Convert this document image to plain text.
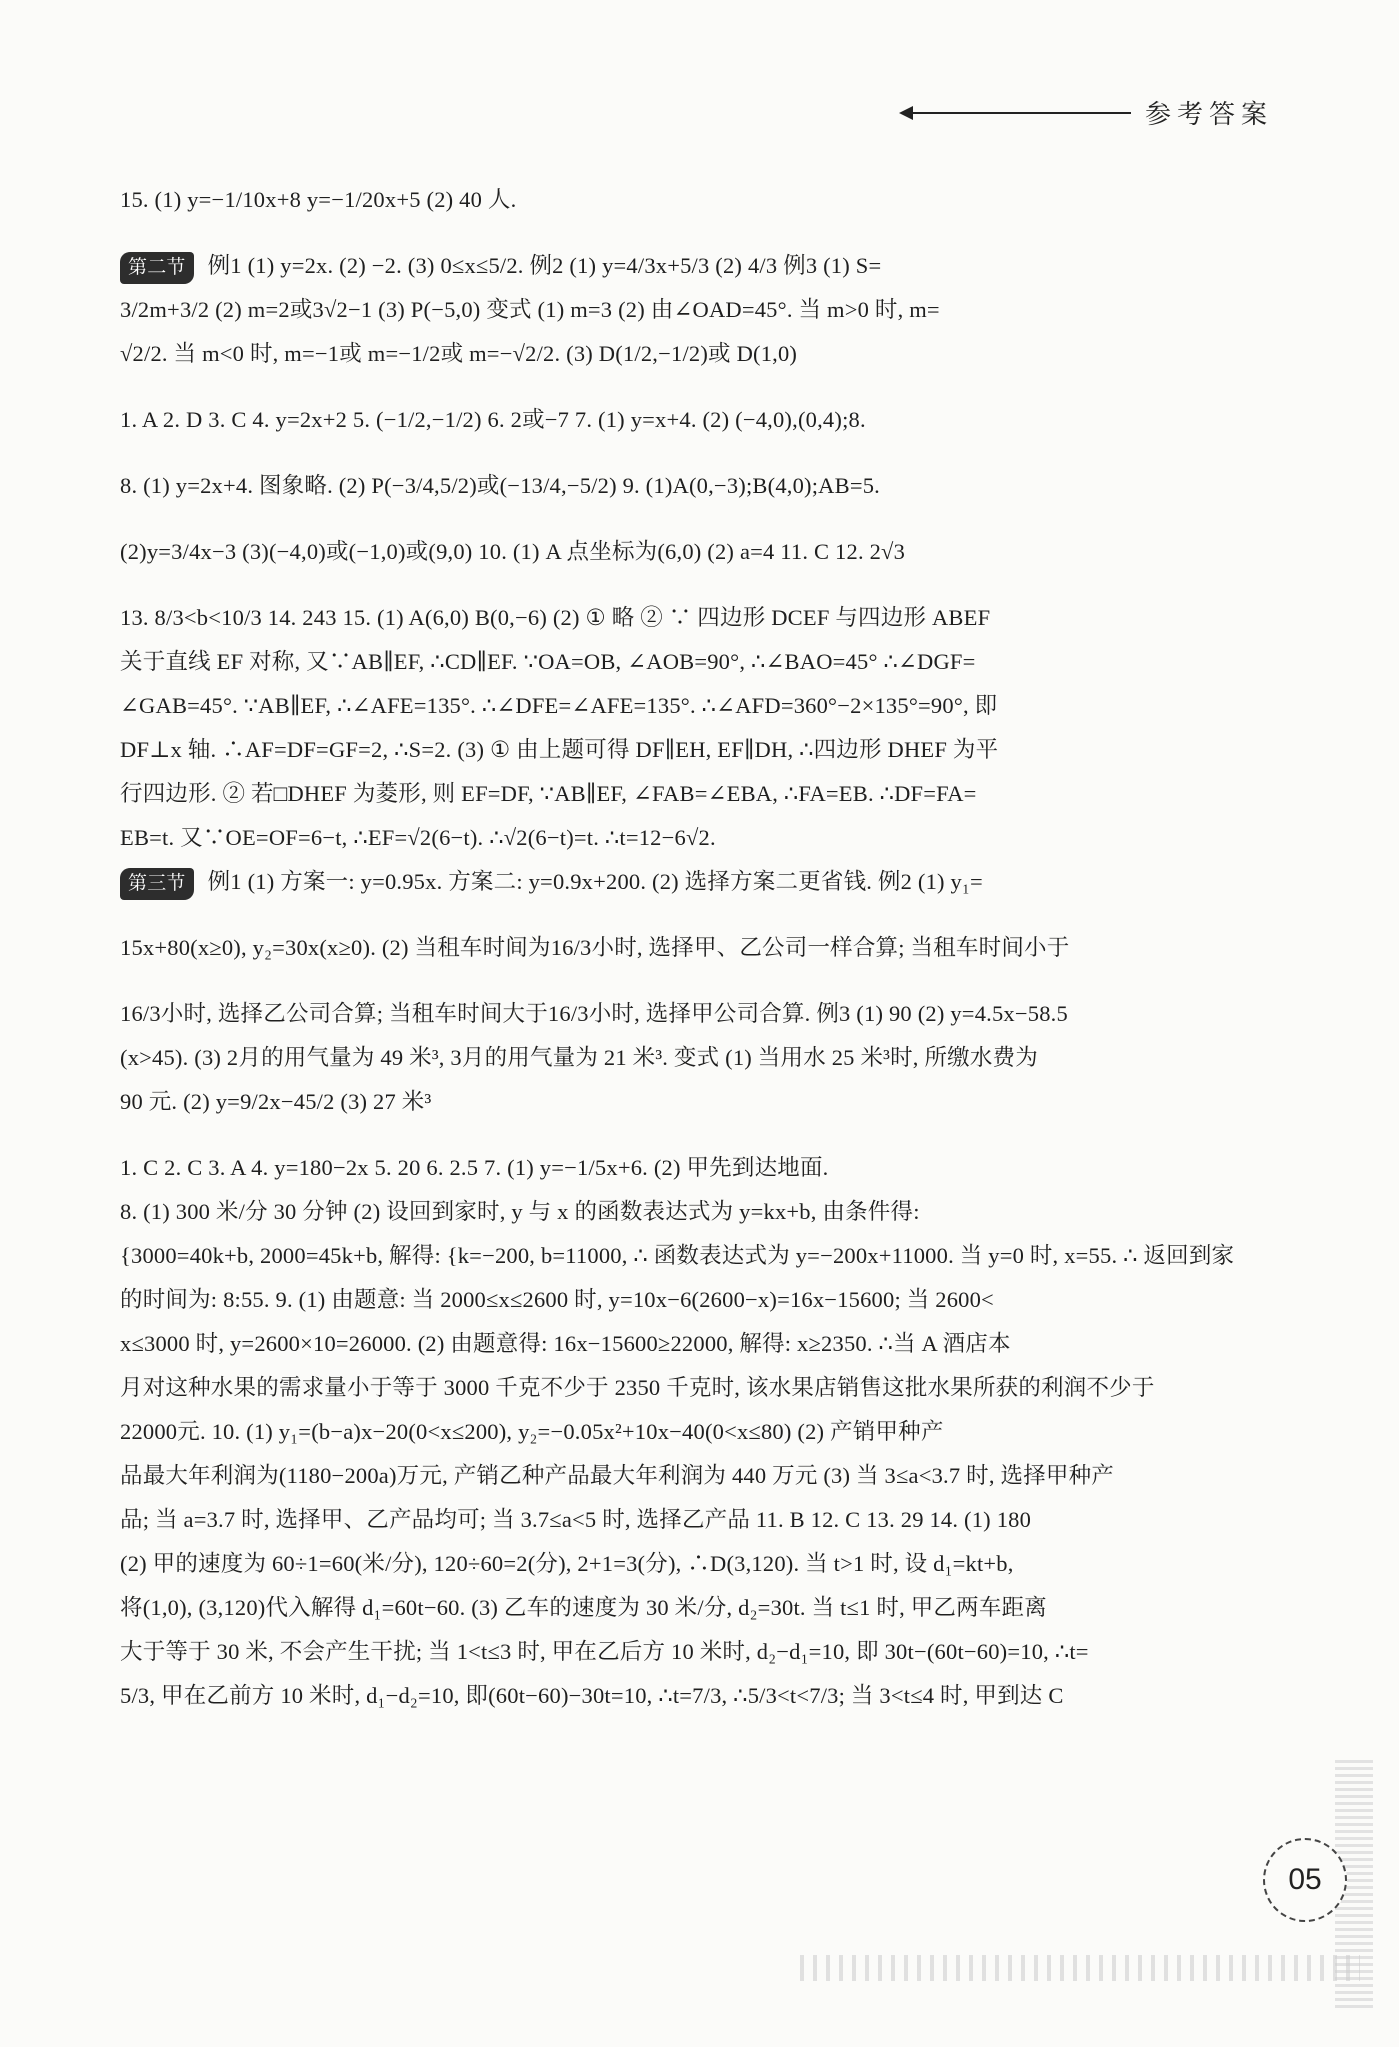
参考答案
15. (1) y=−1/10x+8 y=−1/20x+5 (2) 40 人.
第二节 例1 (1) y=2x. (2) −2. (3) 0≤x≤5/2. 例2 (1) y=4/3x+5/3 (2) 4/3 例3 (1) S=
3/2m+3/2 (2) m=2或3√2−1 (3) P(−5,0) 变式 (1) m=3 (2) 由∠OAD=45°. 当 m>0 时, m=
√2/2. 当 m<0 时, m=−1或 m=−1/2或 m=−√2/2. (3) D(1/2,−1/2)或 D(1,0)
1. A 2. D 3. C 4. y=2x+2 5. (−1/2,−1/2) 6. 2或−7 7. (1) y=x+4. (2) (−4,0),(0,4);8.
8. (1) y=2x+4. 图象略. (2) P(−3/4,5/2)或(−13/4,−5/2) 9. (1)A(0,−3);B(4,0);AB=5.
(2)y=3/4x−3 (3)(−4,0)或(−1,0)或(9,0) 10. (1) A 点坐标为(6,0) (2) a=4 11. C 12. 2√3
13. 8/3<b<10/3 14. 243 15. (1) A(6,0) B(0,−6) (2) ① 略 ② ∵ 四边形 DCEF 与四边形 ABEF
关于直线 EF 对称, 又∵AB∥EF, ∴CD∥EF. ∵OA=OB, ∠AOB=90°, ∴∠BAO=45° ∴∠DGF=
∠GAB=45°. ∵AB∥EF, ∴∠AFE=135°. ∴∠DFE=∠AFE=135°. ∴∠AFD=360°−2×135°=90°, 即
DF⊥x 轴. ∴AF=DF=GF=2, ∴S=2. (3) ① 由上题可得 DF∥EH, EF∥DH, ∴四边形 DHEF 为平
行四边形. ② 若□DHEF 为菱形, 则 EF=DF, ∵AB∥EF, ∠FAB=∠EBA, ∴FA=EB. ∴DF=FA=
EB=t. 又∵OE=OF=6−t, ∴EF=√2(6−t). ∴√2(6−t)=t. ∴t=12−6√2.
第三节 例1 (1) 方案一: y=0.95x. 方案二: y=0.9x+200. (2) 选择方案二更省钱. 例2 (1) y₁=
15x+80(x≥0), y₂=30x(x≥0). (2) 当租车时间为16/3小时, 选择甲、乙公司一样合算; 当租车时间小于
16/3小时, 选择乙公司合算; 当租车时间大于16/3小时, 选择甲公司合算. 例3 (1) 90 (2) y=4.5x−58.5
(x>45). (3) 2月的用气量为 49 米³, 3月的用气量为 21 米³. 变式 (1) 当用水 25 米³时, 所缴水费为
90 元. (2) y=9/2x−45/2 (3) 27 米³
1. C 2. C 3. A 4. y=180−2x 5. 20 6. 2.5 7. (1) y=−1/5x+6. (2) 甲先到达地面.
8. (1) 300 米/分 30 分钟 (2) 设回到家时, y 与 x 的函数表达式为 y=kx+b, 由条件得:
{3000=40k+b, 2000=45k+b, 解得: {k=−200, b=11000, ∴ 函数表达式为 y=−200x+11000. 当 y=0 时, x=55. ∴ 返回到家
的时间为: 8:55. 9. (1) 由题意: 当 2000≤x≤2600 时, y=10x−6(2600−x)=16x−15600; 当 2600<
x≤3000 时, y=2600×10=26000. (2) 由题意得: 16x−15600≥22000, 解得: x≥2350. ∴当 A 酒店本
月对这种水果的需求量小于等于 3000 千克不少于 2350 千克时, 该水果店销售这批水果所获的利润不少于
22000元. 10. (1) y₁=(b−a)x−20(0<x≤200), y₂=−0.05x²+10x−40(0<x≤80) (2) 产销甲种产
品最大年利润为(1180−200a)万元, 产销乙种产品最大年利润为 440 万元 (3) 当 3≤a<3.7 时, 选择甲种产
品; 当 a=3.7 时, 选择甲、乙产品均可; 当 3.7≤a<5 时, 选择乙产品 11. B 12. C 13. 29 14. (1) 180
(2) 甲的速度为 60÷1=60(米/分), 120÷60=2(分), 2+1=3(分), ∴D(3,120). 当 t>1 时, 设 d₁=kt+b,
将(1,0), (3,120)代入解得 d₁=60t−60. (3) 乙车的速度为 30 米/分, d₂=30t. 当 t≤1 时, 甲乙两车距离
大于等于 30 米, 不会产生干扰; 当 1<t≤3 时, 甲在乙后方 10 米时, d₂−d₁=10, 即 30t−(60t−60)=10, ∴t=
5/3, 甲在乙前方 10 米时, d₁−d₂=10, 即(60t−60)−30t=10, ∴t=7/3, ∴5/3<t<7/3; 当 3<t≤4 时, 甲到达 C
05
